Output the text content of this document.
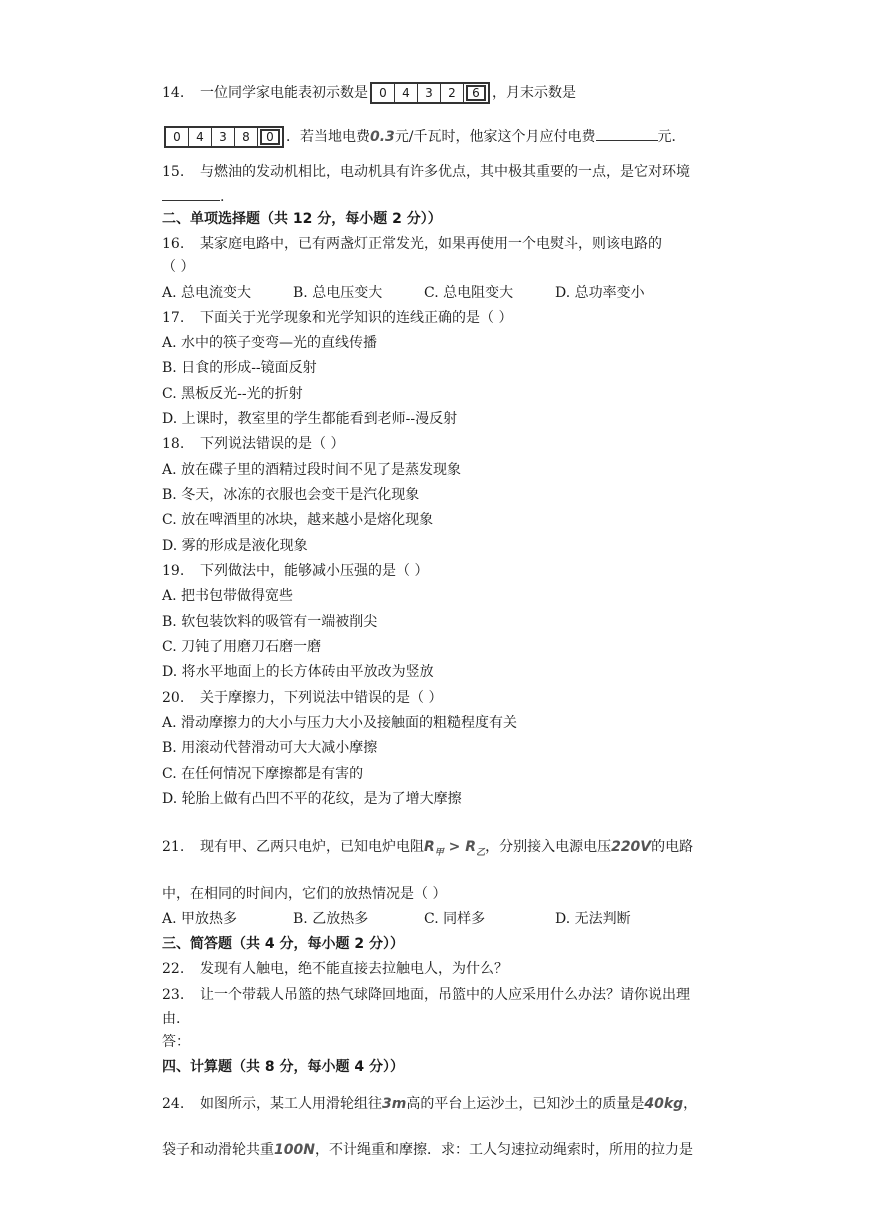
14. 一位同学家电能表初示数是 0	4	3	2	6 ，月末示数是
0	4	3	8	0 ．若当地电费0.3元/千瓦时，他家这个月应付电费	元．
15. 与燃油的发动机相比，电动机具有许多优点，其中极其重要的一点，是它对环境
.
二、单项选择题（共 12 分，每小题 2 分））
16. 某家庭电路中，已有两盏灯正常发光，如果再使用一个电熨斗，则该电路的
（ ）
A. 总电流变大	B. 总电压变大	C. 总电阻变大	D. 总功率变小
17. 下面关于光学现象和光学知识的连线正确的是（ ）
A. 水中的筷子变弯—光的直线传播
B. 日食的形成--镜面反射
C. 黑板反光--光的折射
D. 上课时，教室里的学生都能看到老师--漫反射
18. 下列说法错误的是（ ）
A. 放在碟子里的酒精过段时间不见了是蒸发现象
B. 冬天，冰冻的衣服也会变干是汽化现象
C. 放在啤酒里的冰块，越来越小是熔化现象
D. 雾的形成是液化现象
19. 下列做法中，能够减小压强的是（ ）
A. 把书包带做得宽些
B. 软包装饮料的吸管有一端被削尖
C. 刀钝了用磨刀石磨一磨
D. 将水平地面上的长方体砖由平放改为竖放
20. 关于摩擦力，下列说法中错误的是（ ）
A. 滑动摩擦力的大小与压力大小及接触面的粗糙程度有关
B. 用滚动代替滑动可大大减小摩擦
C. 在任何情况下摩擦都是有害的
D. 轮胎上做有凸凹不平的花纹，是为了增大摩擦
21. 现有甲、乙两只电炉，已知电炉电阻$R_甲 > R_乙$，分别接入电源电压220V的电路
中，在相同的时间内，它们的放热情况是（ ）
A. 甲放热多	B. 乙放热多	C. 同样多	D. 无法判断
三、简答题（共 4 分，每小题 2 分））
22. 发现有人触电，绝不能直接去拉触电人，为什么？
23. 让一个带载人吊篮的热气球降回地面，吊篮中的人应采用什么办法？请你说出理
由.
答：
四、计算题（共 8 分，每小题 4 分））
24. 如图所示，某工人用滑轮组往3m高的平台上运沙土，已知沙土的质量是40kg，
袋子和动滑轮共重100N，不计绳重和摩擦．求：工人匀速拉动绳索时，所用的拉力是
